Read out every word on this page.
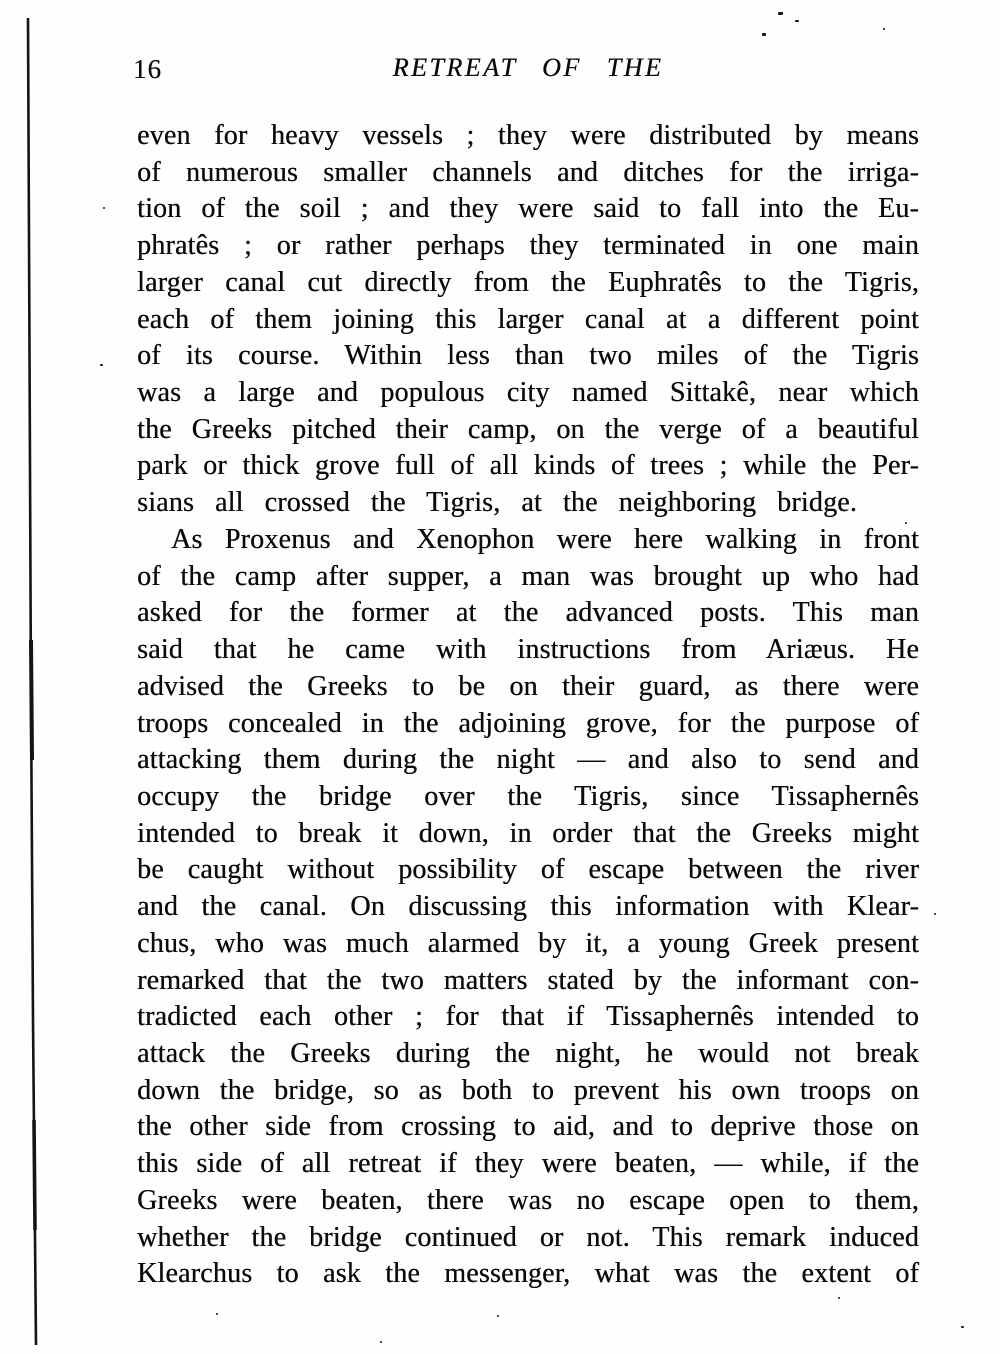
16	RETREAT OF THE
even for heavy vessels ; they were distributed by means
of numerous smaller channels and ditches for the irriga-
tion of the soil ; and they were said to fall into the Eu-
phratês ; or rather perhaps they terminated in one main
larger canal cut directly from the Euphratês to the Tigris,
each of them joining this larger canal at a different point
of its course. Within less than two miles of the Tigris
was a large and populous city named Sittakê, near which
the Greeks pitched their camp, on the verge of a beautiful
park or thick grove full of all kinds of trees ; while the Per-
sians all crossed the Tigris, at the neighboring bridge.
As Proxenus and Xenophon were here walking in front
of the camp after supper, a man was brought up who had
asked for the former at the advanced posts. This man
said that he came with instructions from Ariæus. He
advised the Greeks to be on their guard, as there were
troops concealed in the adjoining grove, for the purpose of
attacking them during the night — and also to send and
occupy the bridge over the Tigris, since Tissaphernês
intended to break it down, in order that the Greeks might
be caught without possibility of escape between the river
and the canal. On discussing this information with Klear-
chus, who was much alarmed by it, a young Greek present
remarked that the two matters stated by the informant con-
tradicted each other ; for that if Tissaphernês intended to
attack the Greeks during the night, he would not break
down the bridge, so as both to prevent his own troops on
the other side from crossing to aid, and to deprive those on
this side of all retreat if they were beaten, — while, if the
Greeks were beaten, there was no escape open to them,
whether the bridge continued or not. This remark induced
Klearchus to ask the messenger, what was the extent of
